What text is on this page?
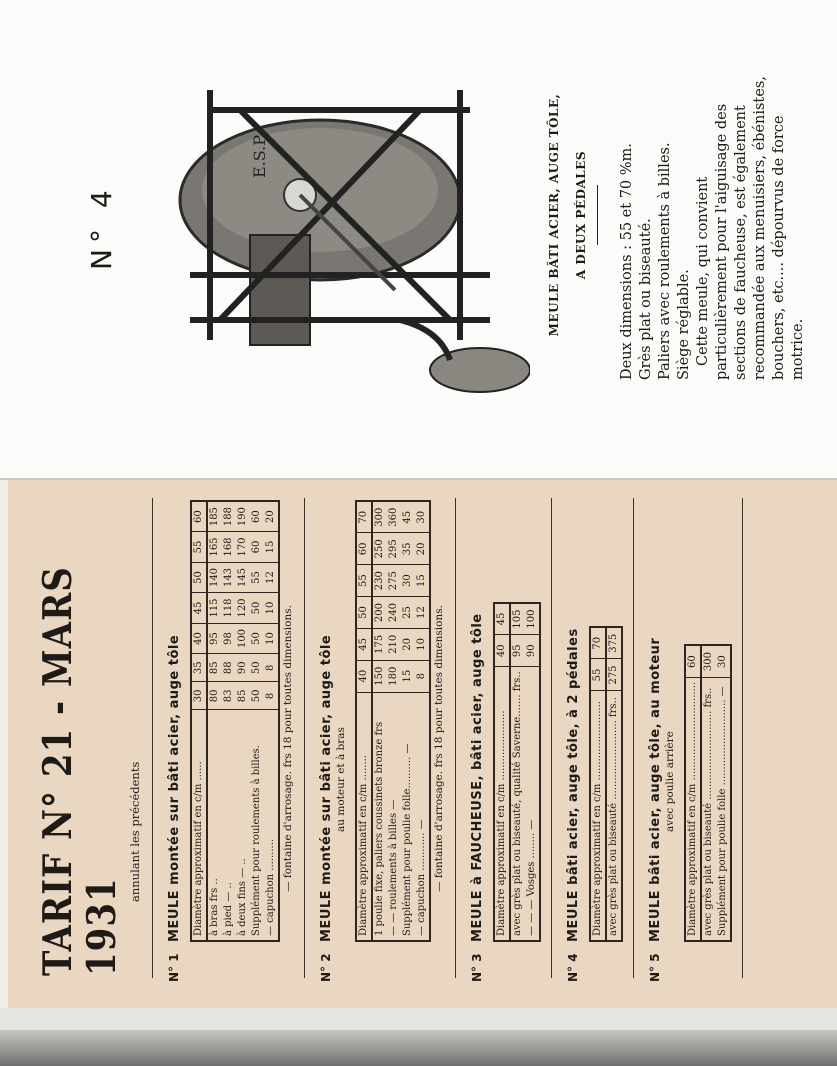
N° 4
E.S.P	MEULE BÂTI ACIER, AUGE TÔLE, A DEUX PÉDALES Deux dimensions : 55 et 70 %m. Grès plat ou biseauté. Paliers avec roulements à billes. Siège réglable. Cette meule, qui convient particulièrement pour l'aiguisage des sections de faucheuse, est également recommandée aux menuisiers, ébénistes, bouchers, etc.... dépourvus de force motrice.

TARIF N° 21 - MARS 1931
annulant les précédents
N° 1
MEULE montée sur bâti acier, auge tôle Diamètre approximatif en c/m ......	30	35	40	45	50	55	60
à bras frs ..	80	85	95	115	140	165	185
à pied — ..	83	88	98	118	143	168	188
à deux fins — ..	85	90	100	120	145	170	190
Supplément pour roulements à billes.	50	50	50	50	55	60	60
— capuchon ..........	8	8	10	10	12	15	20
— fontaine d'arrosage. frs 18 pour toutes dimensions.
N° 2
MEULE montée sur bâti acier, auge tôle au moteur et à bras Diamètre approximatif en c/m ........	40	45	50	55	60	70
1 poulie fixe, paliers coussinets bronze frs	150	175	200	230	250	300
— — roulements à billes —	180	210	240	275	295	360
Supplément pour poulie folle.......... —	15	20	25	30	35	45
— capuchon ............ —	8	10	12	15	20	30
— fontaine d'arrosage. frs 18 pour toutes dimensions.
N° 3
MEULE à FAUCHEUSE, bâti acier, auge tôle Diamètre approximatif en c/m ......................	40	45
avec grès plat ou biseauté, qualité Saverne....... frs..	95	105
— — — Vosges ........ —	90	100
N° 4
MEULE bâti acier, auge tôle, à 2 pédales Diamètre approximatif en c/m .........................	55	70
avec grès plat ou biseauté ......................... frs..	275	375
N° 5
MEULE bâti acier, auge tôle, au moteur avec poulie arrière Diamètre approximatif en c/m ...............................	60
avec grès plat ou biseauté ............................ frs..	300
Supplément pour poulie folle ........................... —	30
